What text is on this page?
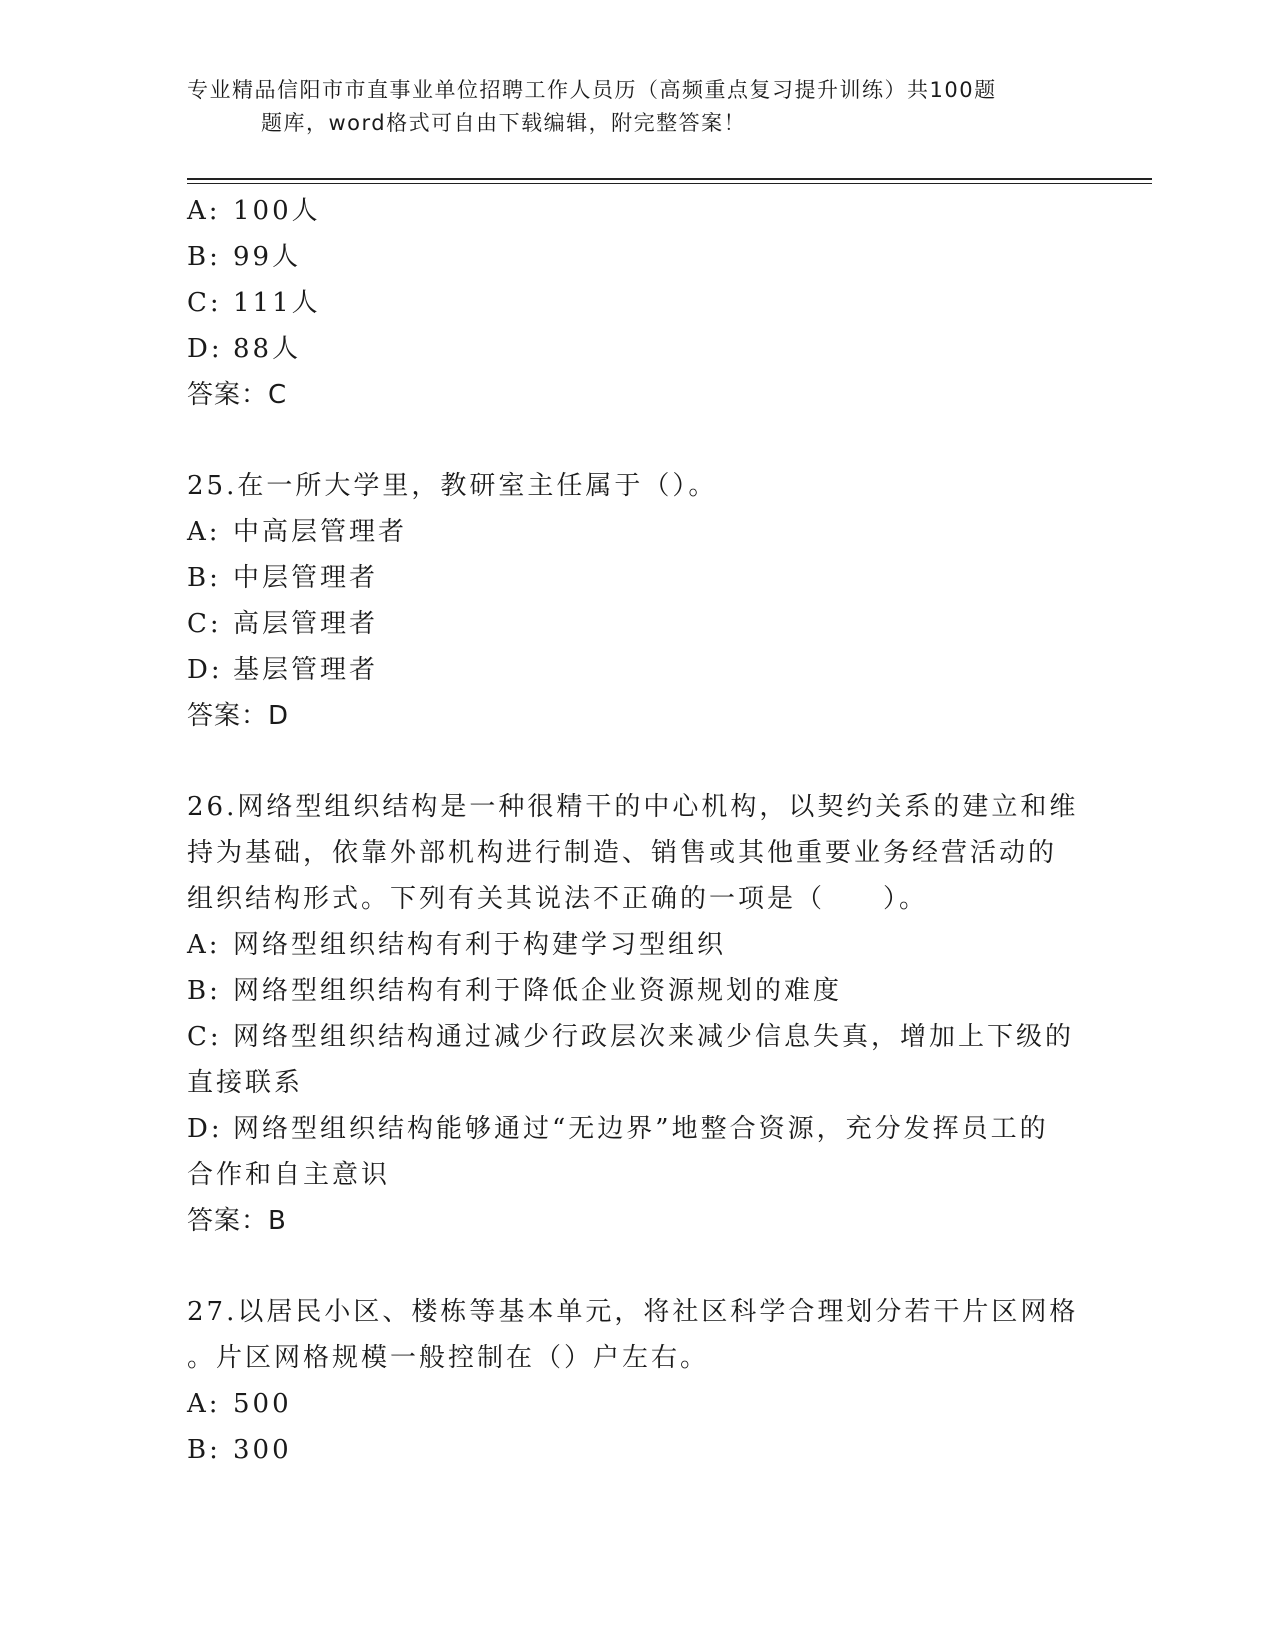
专业精品信阳市市直事业单位招聘工作人员历（高频重点复习提升训练）共100题
题库，word格式可自由下载编辑，附完整答案！
A: 100人
B: 99人
C: 111人
D: 88人
答案：C
25.在一所大学里，教研室主任属于（）。
A: 中高层管理者
B: 中层管理者
C: 高层管理者
D: 基层管理者
答案：D
26.网络型组织结构是一种很精干的中心机构，以契约关系的建立和维
持为基础，依靠外部机构进行制造、销售或其他重要业务经营活动的
组织结构形式。下列有关其说法不正确的一项是（　　）。
A: 网络型组织结构有利于构建学习型组织
B: 网络型组织结构有利于降低企业资源规划的难度
C: 网络型组织结构通过减少行政层次来减少信息失真，增加上下级的
直接联系
D: 网络型组织结构能够通过“无边界”地整合资源，充分发挥员工的
合作和自主意识
答案：B
27.以居民小区、楼栋等基本单元，将社区科学合理划分若干片区网格
。片区网格规模一般控制在（）户左右。
A: 500
B: 300
